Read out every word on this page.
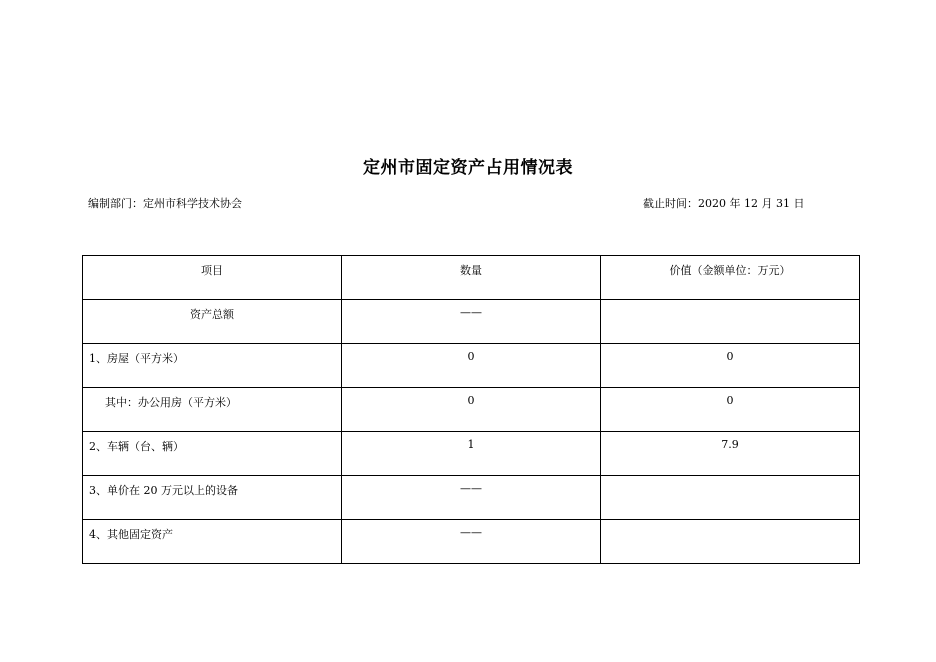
定州市固定资产占用情况表
编制部门：定州市科学技术协会	截止时间：2020 年 12 月 31 日
项目	数量	价值（金额单位：万元）
资产总额	——	
1、房屋（平方米）	0	0
其中：办公用房（平方米）	0	0
2、车辆（台、辆）	1	7.9
3、单价在 20 万元以上的设备	——	
4、其他固定资产	——	
